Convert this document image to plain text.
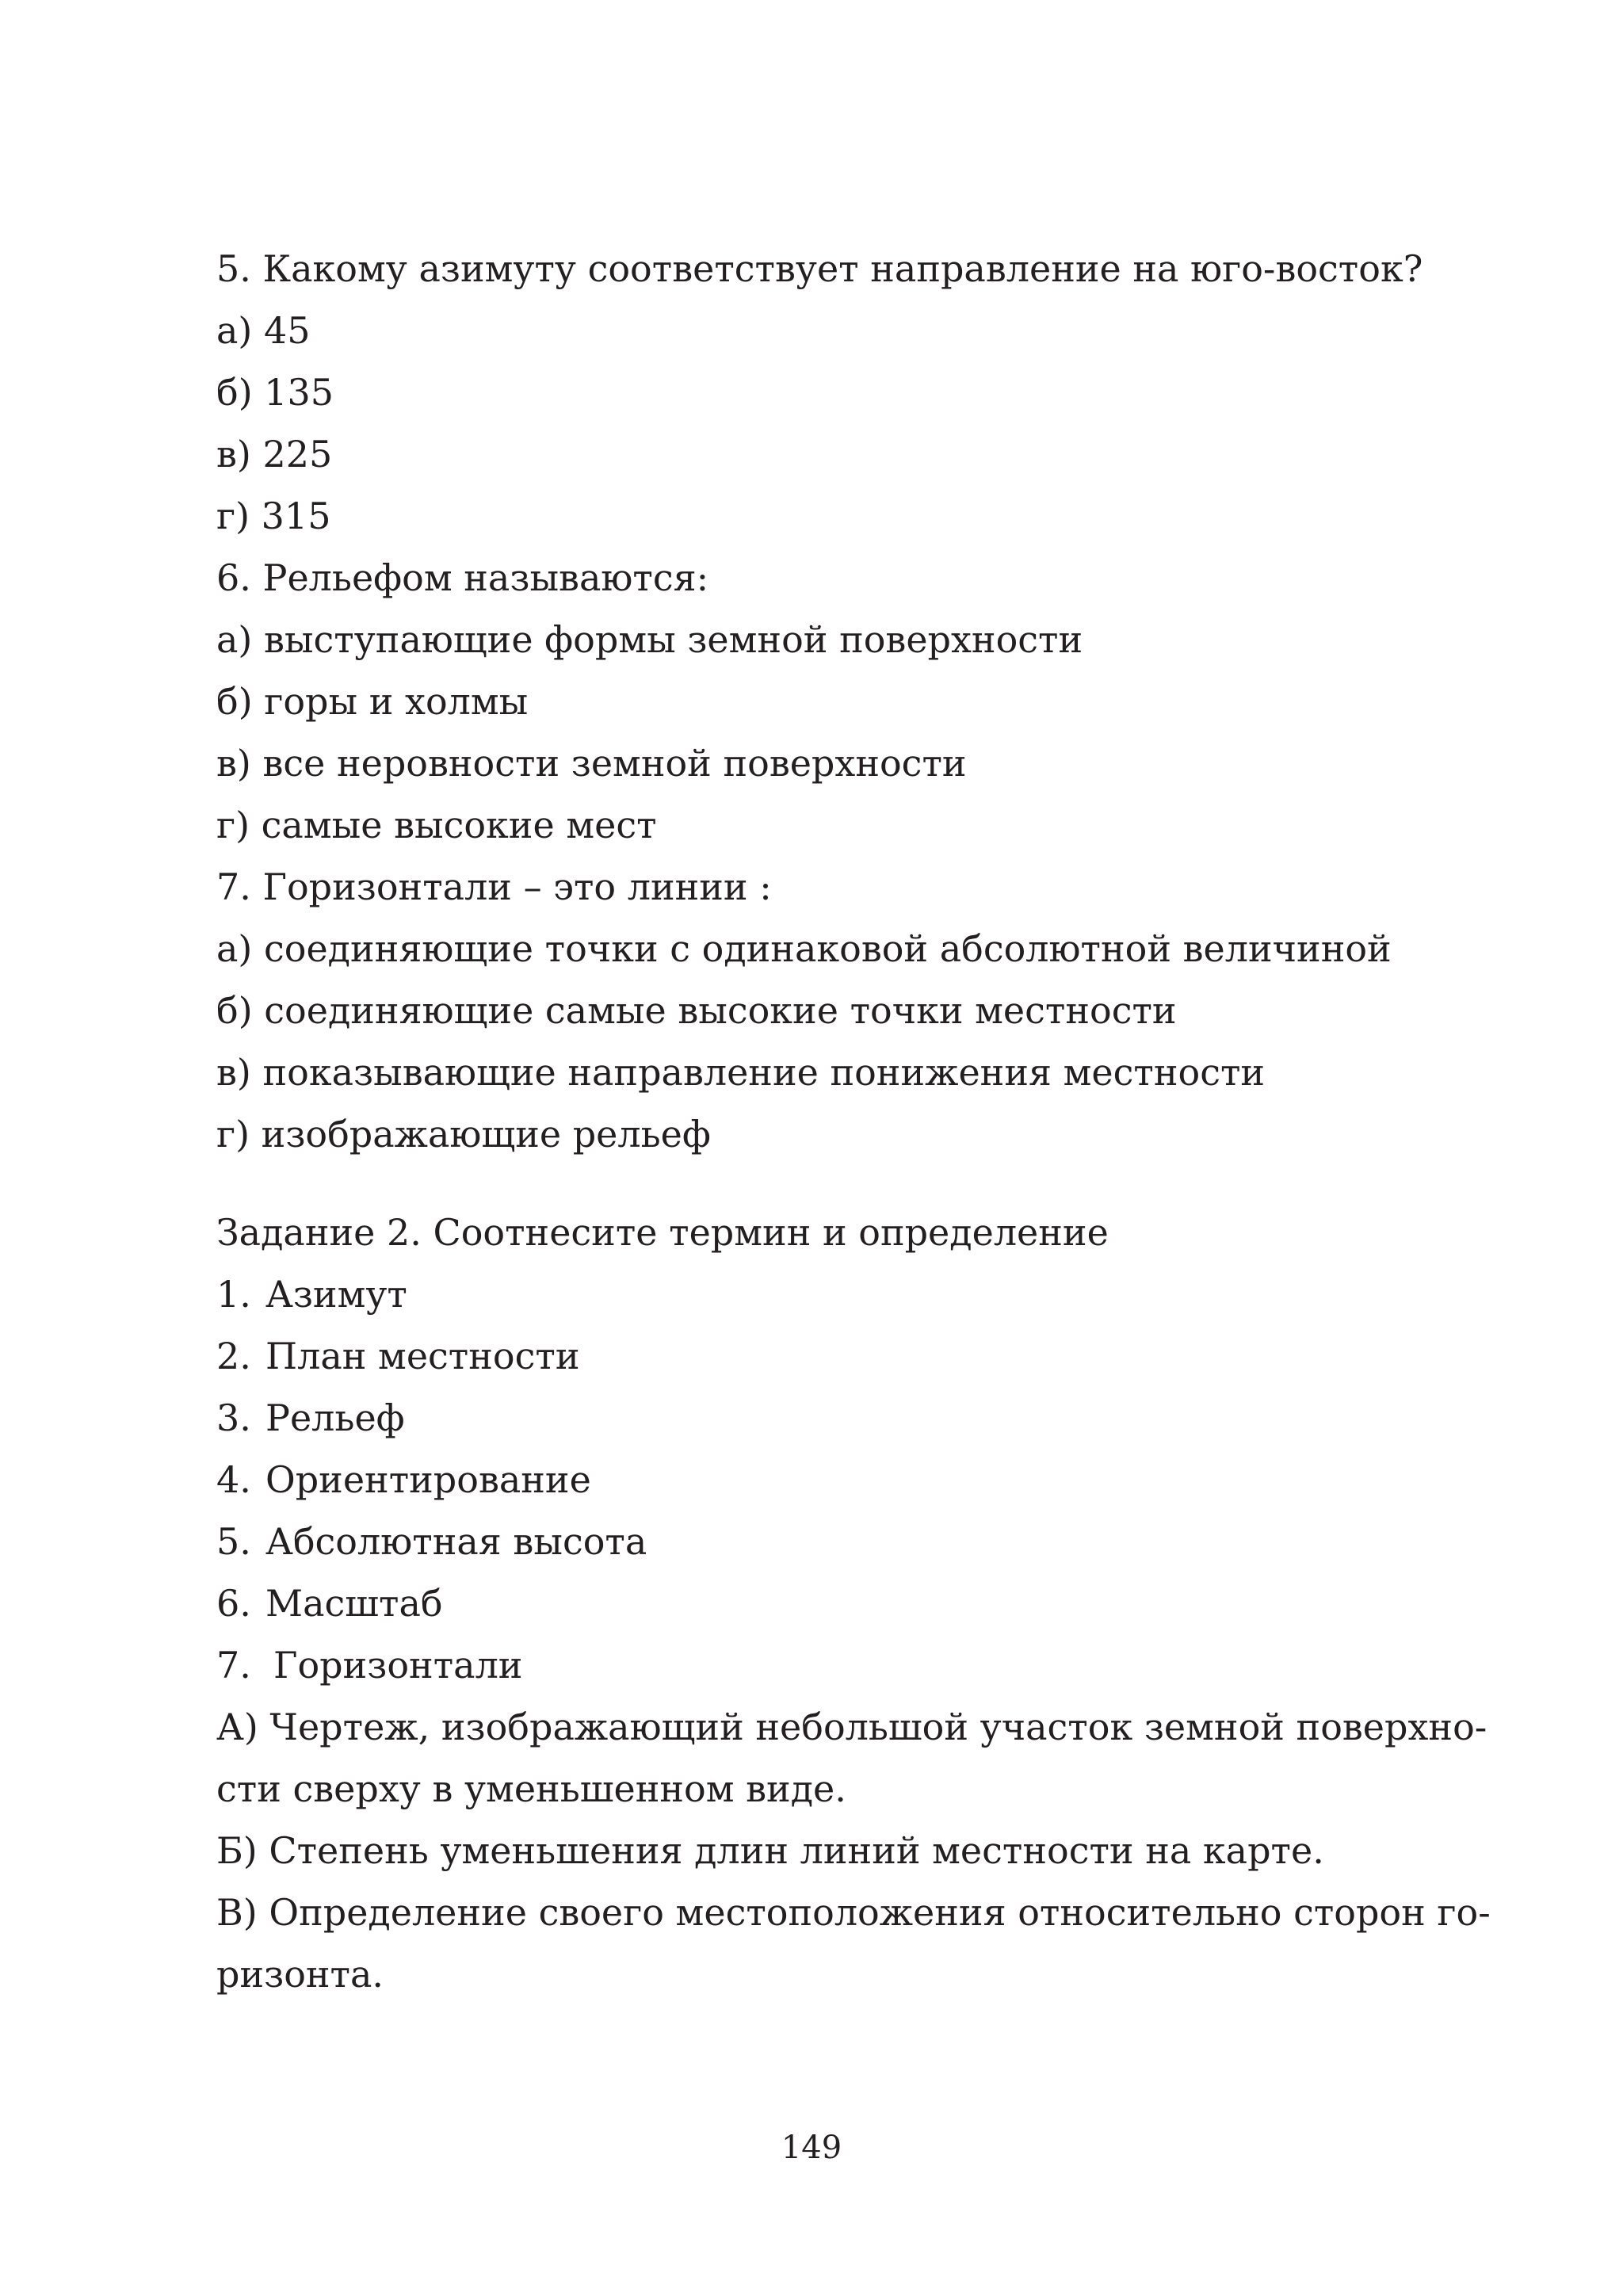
5. Какому азимуту соответствует направление на юго-восток?
а) 45
б) 135
в) 225
г) 315
6. Рельефом называются:
а) выступающие формы земной поверхности
б) горы и холмы
в) все неровности земной поверхности
г) самые высокие мест
7. Горизонтали – это линии :
а) соединяющие точки с одинаковой абсолютной величиной
б) соединяющие самые высокие точки местности
в) показывающие направление понижения местности
г) изображающие рельеф
Задание 2. Соотнесите термин и определение
1. Азимут
2. План местности
3. Рельеф
4. Ориентирование
5. Абсолютная высота
6. Масштаб
7. Горизонтали
А) Чертеж, изображающий небольшой участок земной поверхно-
сти сверху в уменьшенном виде.
Б) Степень уменьшения длин линий местности на карте.
В) Определение своего местоположения относительно сторон го-
ризонта.
149
